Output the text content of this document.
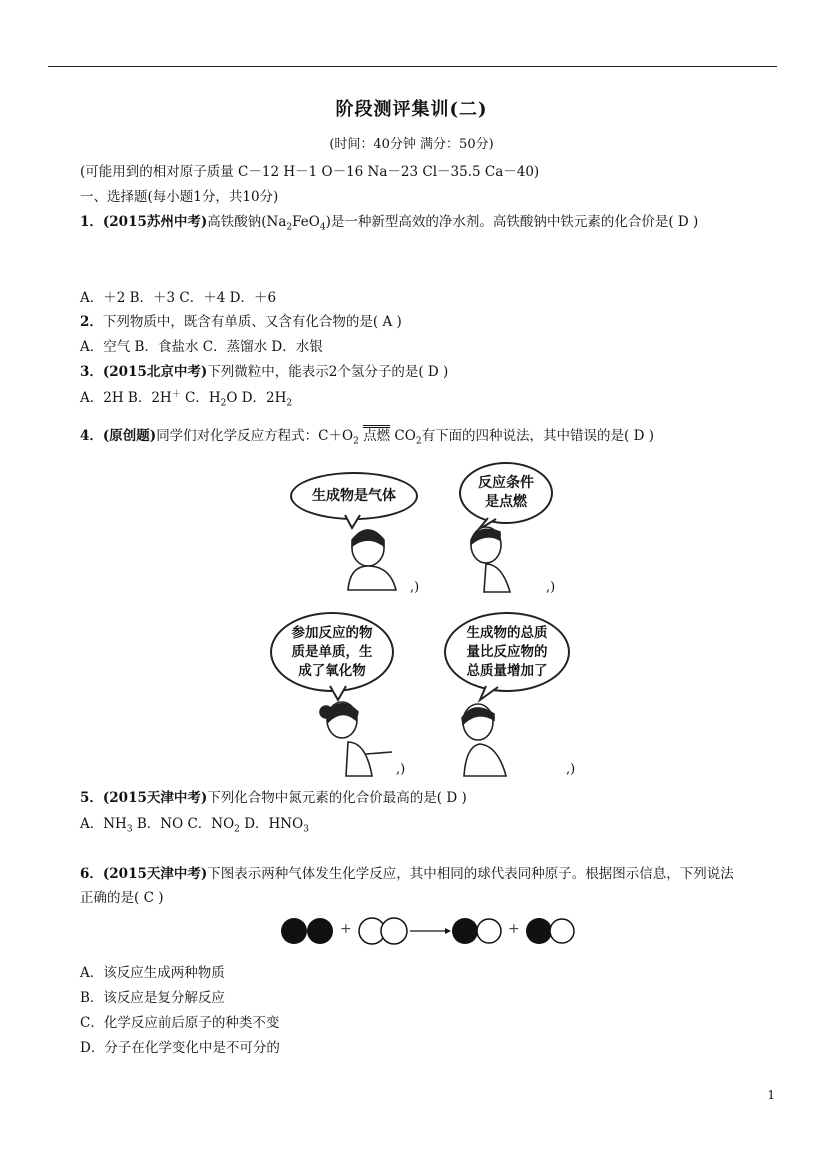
阶段测评集训(二)
(时间：40分钟 满分：50分)
(可能用到的相对原子质量 C－12 H－1 O－16 Na－23 Cl－35.5 Ca－40)
一、选择题(每小题1分，共10分)
1．(2015苏州中考)高铁酸钠$(Na_2FeO_4)$是一种新型高效的净水剂。高铁酸钠中铁元素的化合价是( D )
A．＋2 B．＋3 C．＋4 D．＋6
2．下列物质中，既含有单质、又含有化合物的是( A )
A．空气 B．食盐水 C．蒸馏水 D．水银
3．(2015北京中考)下列微粒中，能表示2个氢分子的是( D )
A．2H B．2H＋ C．$H_2O$ D．$2H_2$
4．(原创题)同学们对化学反应方程式：$C+O_2$ 点燃 $CO_2$有下面的四种说法，其中错误的是( D )
生成物是气体
反应条件
是点燃
参加反应的物
质是单质，生
成了氧化物
生成物的总质
量比反应物的
总质量增加了
,)	,)
,)	,)
5．(2015天津中考)下列化合物中氮元素的化合价最高的是( D )
A．$NH_3$ B．NO C．$NO_2$ D．$HNO_3$
6．(2015天津中考)下图表示两种气体发生化学反应，其中相同的球代表同种原子。根据图示信息，下列说法
正确的是( C )
+	+
A．该反应生成两种物质
B．该反应是复分解反应
C．化学反应前后原子的种类不变
D．分子在化学变化中是不可分的
1
